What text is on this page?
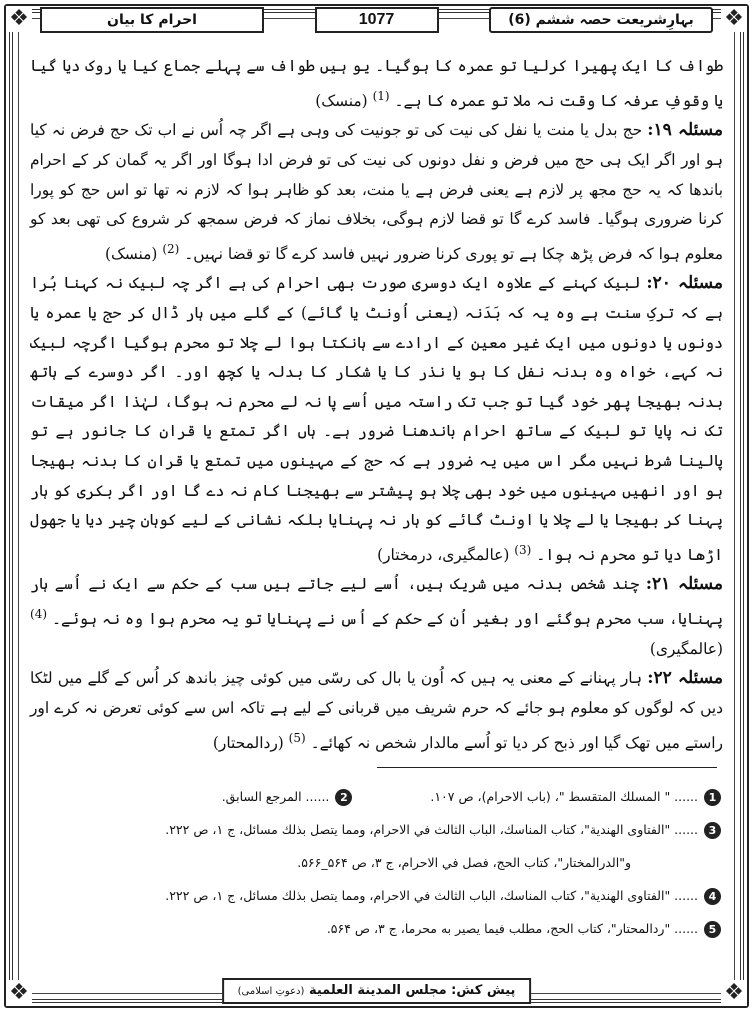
❖	❖
❖	❖
بہارِشریعت حصہ ششم (6)
1077
احرام کا بیان

طواف کا ایک پھیرا کرلیا تو عمرہ کا ہوگیا۔ یو ہیں طواف سے پہلے جماع کیا یا روک دیا گیا یا وقوفِ عرفہ کا وقت نہ ملا تو عمرہ کا ہے۔ $^{(1)}$ (منسک)

مسئلہ ۱۹: حج بدل یا منت یا نفل کی نیت کی تو جونیت کی وہی ہے اگر چہ اُس نے اب تک حج فرض نہ کیا ہو اور اگر ایک ہی حج میں فرض و نفل دونوں کی نیت کی تو فرض ادا ہوگا اور اگر یہ گمان کر کے احرام باندھا کہ یہ حج مجھ پر لازم ہے یعنی فرض ہے یا منت، بعد کو ظاہر ہوا کہ لازم نہ تھا تو اس حج کو پورا کرنا ضروری ہوگیا۔ فاسد کرے گا تو قضا لازم ہوگی، بخلاف نماز کہ فرض سمجھ کر شروع کی تھی بعد کو معلوم ہوا کہ فرض پڑھ چکا ہے تو پوری کرنا ضرور نہیں فاسد کرے گا تو قضا نہیں۔ $^{(2)}$ (منسک)

مسئلہ ۲۰: لبیک کہنے کے علاوہ ایک دوسری صورت بھی احرام کی ہے اگر چہ لبیک نہ کہنا بُرا ہے کہ ترکِ سنت ہے وہ یہ کہ بَدَنہ (یعنی اُونٹ یا گائے) کے گلے میں ہار ڈال کر حج یا عمرہ یا دونوں یا دونوں میں ایک غیر معین کے ارادے سے ہانکتا ہوا لے چلا تو محرم ہوگیا اگرچہ لبیک نہ کہے، خواہ وہ بدنہ نفل کا ہو یا نذر کا یا شکار کا بدلہ یا کچھ اور۔ اگر دوسرے کے ہاتھ بدنہ بھیجا پھر خود گیا تو جب تک راستہ میں اُسے پا نہ لے محرم نہ ہوگا، لہٰذا اگر میقات تک نہ پایا تو لبیک کے ساتھ احرام باندھنا ضرور ہے۔ ہاں اگر تمتع یا قران کا جانور ہے تو پالینا شرط نہیں مگر اس میں یہ ضرور ہے کہ حج کے مہینوں میں تمتع یا قران کا بدنہ بھیجا ہو اور انھیں مہینوں میں خود بھی چلا ہو پیشتر سے بھیجنا کام نہ دے گا اور اگر بکری کو ہار پہنا کر بھیجا یا لے چلا یا اونٹ گائے کو ہار نہ پہنایا بلکہ نشانی کے لیے کوہان چیر دیا یا جھول اڑھا دیا تو محرم نہ ہوا۔ $^{(3)}$ (عالمگیری، درمختار)

مسئلہ ۲۱: چند شخص بدنہ میں شریک ہیں، اُسے لیے جاتے ہیں سب کے حکم سے ایک نے اُسے ہار پہنایا، سب محرم ہوگئے اور بغیر اُن کے حکم کے اُس نے پہنایا تو یہ محرم ہوا وہ نہ ہوئے۔ $^{(4)}$ (عالمگیری)

مسئلہ ۲۲: ہار پہنانے کے معنی یہ ہیں کہ اُون یا بال کی رسّی میں کوئی چیز باندھ کر اُس کے گلے میں لٹکا دیں کہ لوگوں کو معلوم ہو جائے کہ حرم شریف میں قربانی کے لیے ہے تاکہ اس سے کوئی تعرض نہ کرے اور راستے میں تھک گیا اور ذبح کر دیا تو اُسے مالدار شخص نہ کھائے۔ $^{(5)}$ (ردالمحتار)

1 ...... " المسلك المتقسط "، (باب الاحرام)، ص ۱۰۷.  2 ...... المرجع السابق.
3 ...... "الفتاوی الهندیة"، كتاب المناسك، الباب الثالث في الاحرام، ومما یتصل بذلك مسائل، ج ۱، ص ۲۲۲.
و"الدرالمختار"، كتاب الحج، فصل في الاحرام، ج ۳، ص ۵۶۴_۵۶۶.
4 ...... "الفتاوی الهندیة"، كتاب المناسك، الباب الثالث في الاحرام، ومما یتصل بذلك مسائل، ج ۱، ص ۲۲۲.
5 ...... "ردالمحتار"، كتاب الحج، مطلب فیما یصیر به محرما، ج ۳، ص ۵۶۴.
پیش کش: مجلس المدینة العلمیة (دعوتِ اسلامی)
